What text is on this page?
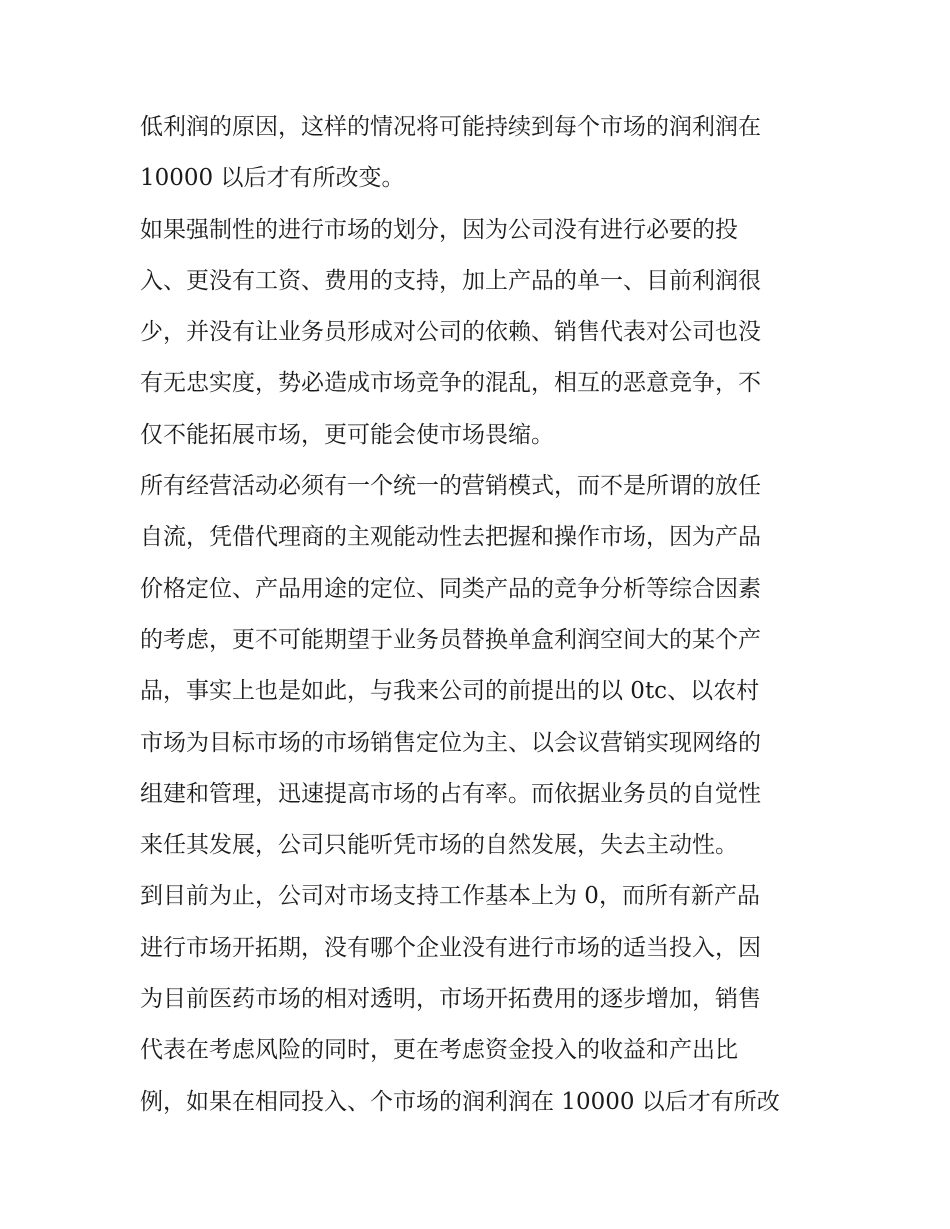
低利润的原因，这样的情况将可能持续到每个市场的润利润在
10000 以后才有所改变。
如果强制性的进行市场的划分，因为公司没有进行必要的投
入、更没有工资、费用的支持，加上产品的单一、目前利润很
少，并没有让业务员形成对公司的依赖、销售代表对公司也没
有无忠实度，势必造成市场竞争的混乱，相互的恶意竞争，不
仅不能拓展市场，更可能会使市场畏缩。
所有经营活动必须有一个统一的营销模式，而不是所谓的放任
自流，凭借代理商的主观能动性去把握和操作市场，因为产品
价格定位、产品用途的定位、同类产品的竞争分析等综合因素
的考虑，更不可能期望于业务员替换单盒利润空间大的某个产
品，事实上也是如此，与我来公司的前提出的以 0tc、以农村
市场为目标市场的市场销售定位为主、以会议营销实现网络的
组建和管理，迅速提高市场的占有率。而依据业务员的自觉性
来任其发展，公司只能听凭市场的自然发展，失去主动性。
到目前为止，公司对市场支持工作基本上为 0，而所有新产品
进行市场开拓期，没有哪个企业没有进行市场的适当投入，因
为目前医药市场的相对透明，市场开拓费用的逐步增加，销售
代表在考虑风险的同时，更在考虑资金投入的收益和产出比
例，如果在相同投入、个市场的润利润在 10000 以后才有所改
